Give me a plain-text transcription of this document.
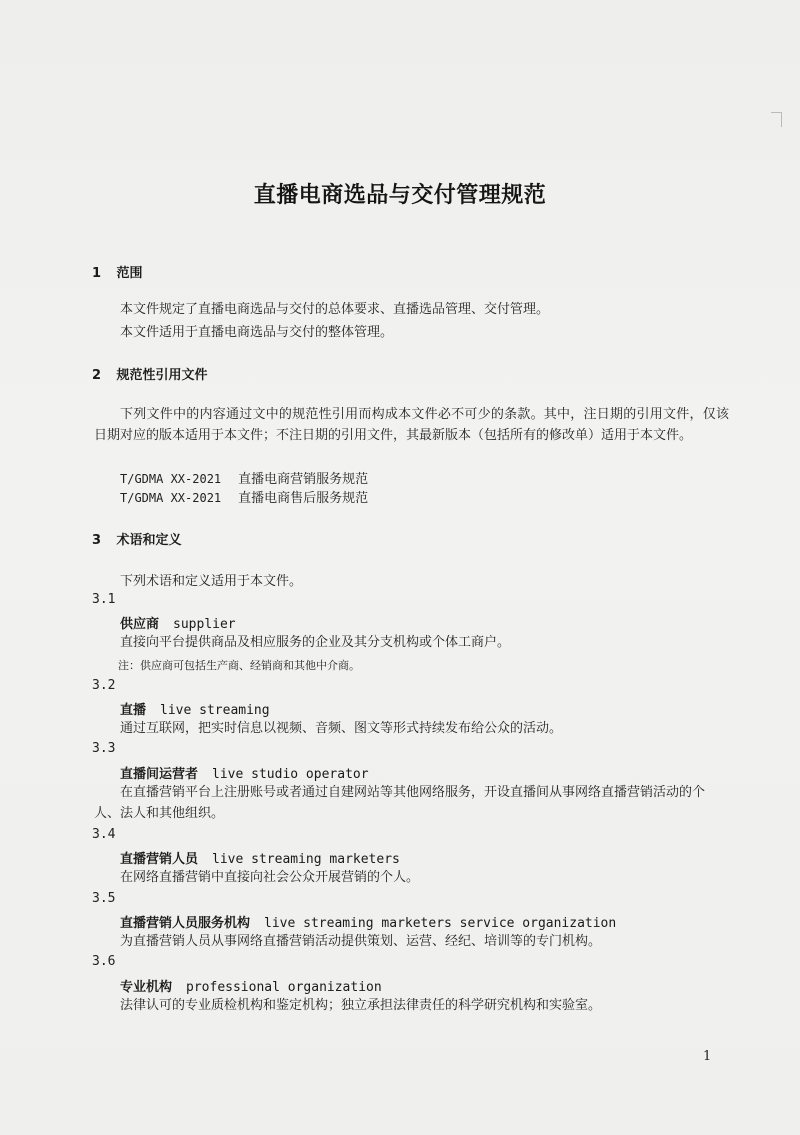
直播电商选品与交付管理规范
1 范围
本文件规定了直播电商选品与交付的总体要求、直播选品管理、交付管理。
本文件适用于直播电商选品与交付的整体管理。
2 规范性引用文件
下列文件中的内容通过文中的规范性引用而构成本文件必不可少的条款。其中，注日期的引用文件，仅该日期对应的版本适用于本文件；不注日期的引用文件，其最新版本（包括所有的修改单）适用于本文件。
T/GDMA XX-2021 直播电商营销服务规范
T/GDMA XX-2021 直播电商售后服务规范
3 术语和定义
下列术语和定义适用于本文件。
3.1
供应商 supplier
直接向平台提供商品及相应服务的企业及其分支机构或个体工商户。
注：供应商可包括生产商、经销商和其他中介商。
3.2
直播 live streaming
通过互联网，把实时信息以视频、音频、图文等形式持续发布给公众的活动。
3.3
直播间运营者 live studio operator
在直播营销平台上注册账号或者通过自建网站等其他网络服务，开设直播间从事网络直播营销活动的个人、法人和其他组织。
3.4
直播营销人员 live streaming marketers
在网络直播营销中直接向社会公众开展营销的个人。
3.5
直播营销人员服务机构 live streaming marketers service organization
为直播营销人员从事网络直播营销活动提供策划、运营、经纪、培训等的专门机构。
3.6
专业机构 professional organization
法律认可的专业质检机构和鉴定机构；独立承担法律责任的科学研究机构和实验室。
1
